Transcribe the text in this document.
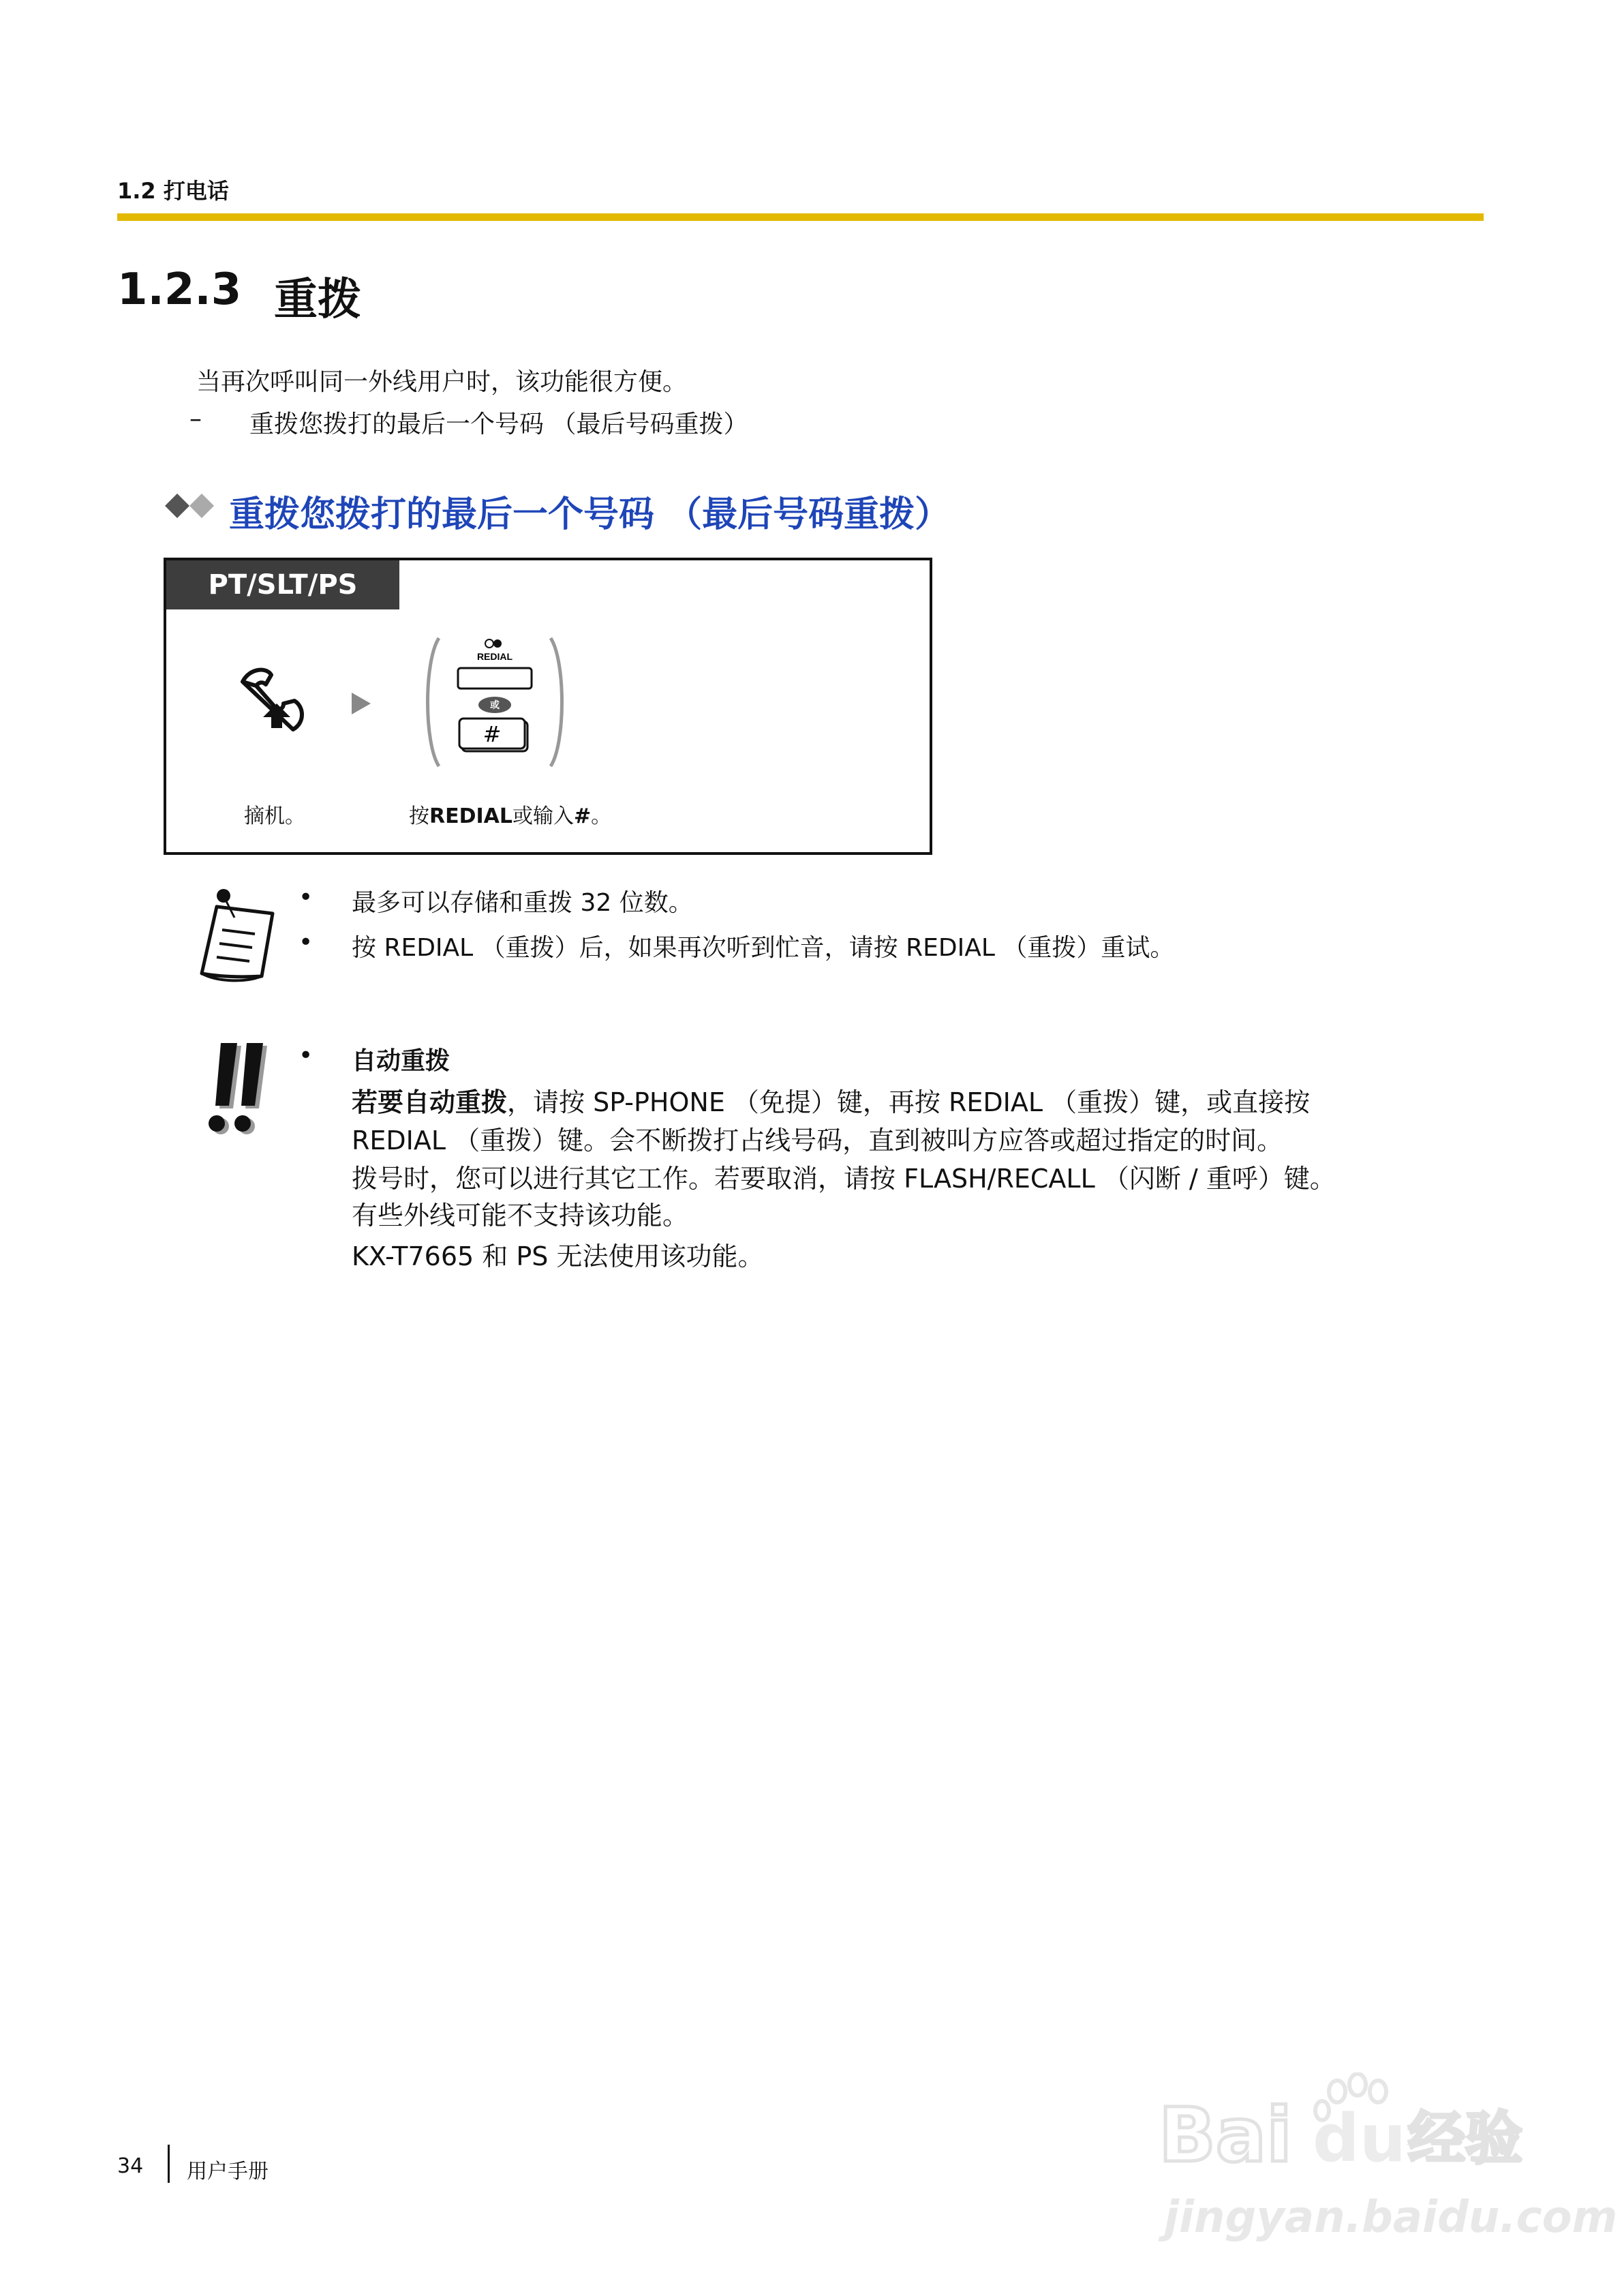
1.2 打电话
1.2.3 重拨
当再次呼叫同一外线用户时，该功能很方便。
– 重拨您拨打的最后一个号码 （最后号码重拨）
重拨您拨打的最后一个号码 （最后号码重拨）
PT/SLT/PS
REDIAL
或
#
摘机。	按REDIAL或输入#。
• 最多可以存储和重拨 32 位数。
• 按 REDIAL （重拨）后，如果再次听到忙音，请按 REDIAL （重拨）重试。
• 自动重拨
若要自动重拨，请按 SP-PHONE （免提）键，再按 REDIAL （重拨）键，或直接按
REDIAL （重拨）键。会不断拨打占线号码，直到被叫方应答或超过指定的时间。
拨号时，您可以进行其它工作。若要取消，请按 FLASH/RECALL （闪断 / 重呼）键。
有些外线可能不支持该功能。
KX-T7665 和 PS 无法使用该功能。
34 用户手册	Bai du 经验
jingyan.baidu.com
